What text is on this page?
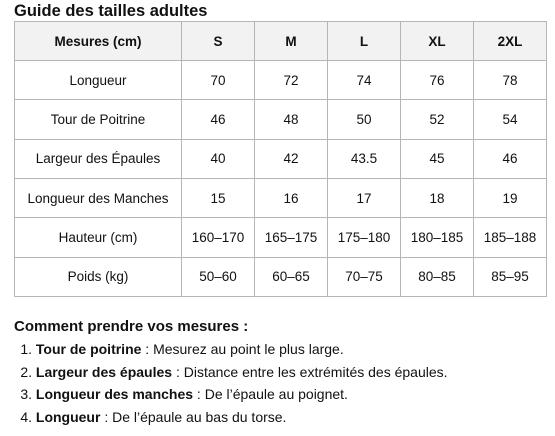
Guide des tailles adultes
Mesures (cm)	S	M	L	XL	2XL
Longueur	70	72	74	76	78
Tour de Poitrine	46	48	50	52	54
Largeur des Épaules	40	42	43.5	45	46
Longueur des Manches	15	16	17	18	19
Hauteur (cm)	160–170	165–175	175–180	180–185	185–188
Poids (kg)	50–60	60–65	70–75	80–85	85–95
Comment prendre vos mesures :
1. Tour de poitrine : Mesurez au point le plus large.
2. Largeur des épaules : Distance entre les extrémités des épaules.
3. Longueur des manches : De l’épaule au poignet.
4. Longueur : De l’épaule au bas du torse.
